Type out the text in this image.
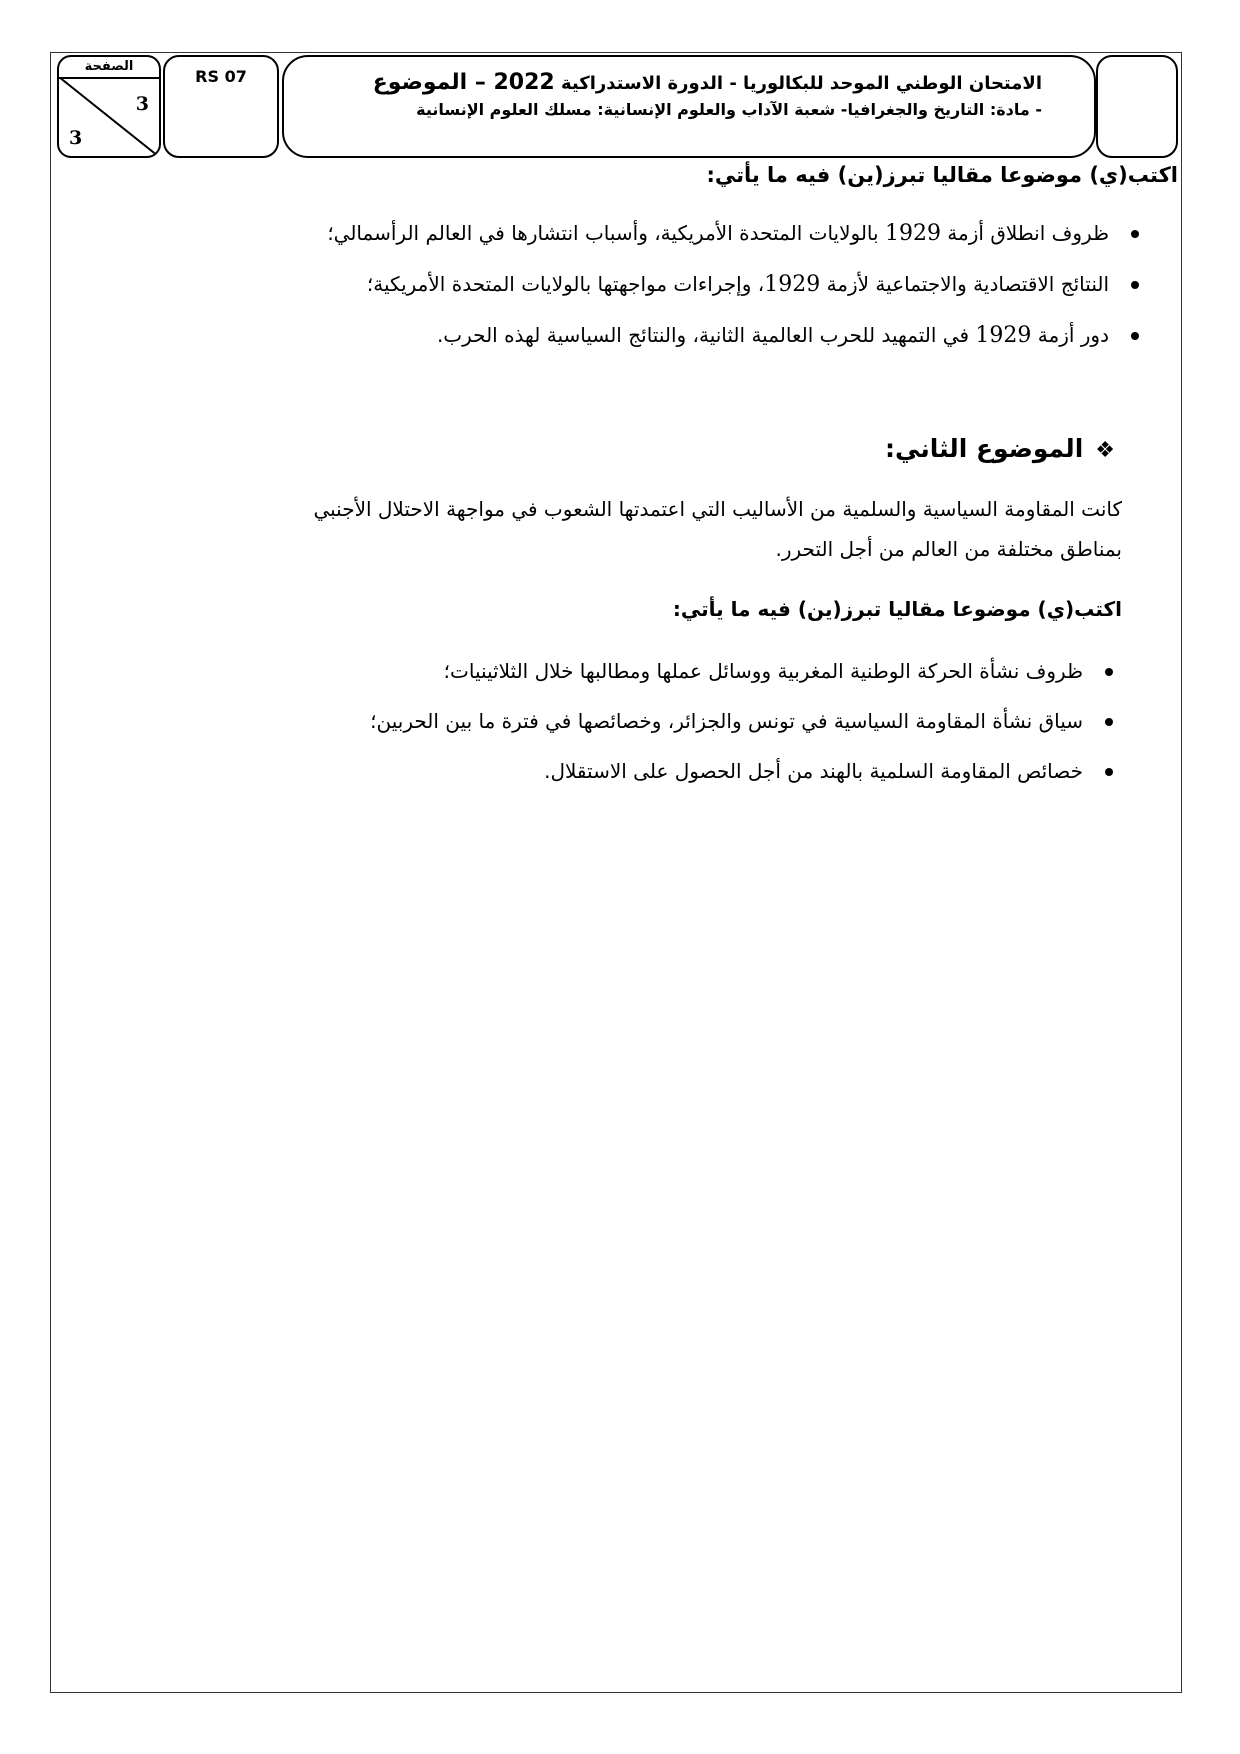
الصفحة
3
3
RS 07	الامتحان الوطني الموحد للبكالوريا - الدورة الاستدراكية 2022 – الموضوع
- مادة: التاريخ والجغرافيا- شعبة الآداب والعلوم الإنسانية: مسلك العلوم الإنسانية
اكتب(ي) موضوعا مقاليا تبرز(ين) فيه ما يأتي:
ظروف انطلاق أزمة 1929 بالولايات المتحدة الأمريكية، وأسباب انتشارها في العالم الرأسمالي؛
النتائج الاقتصادية والاجتماعية لأزمة 1929، وإجراءات مواجهتها بالولايات المتحدة الأمريكية؛
دور أزمة 1929 في التمهيد للحرب العالمية الثانية، والنتائج السياسية لهذه الحرب.
❖الموضوع الثاني:
كانت المقاومة السياسية والسلمية من الأساليب التي اعتمدتها الشعوب في مواجهة الاحتلال الأجنبي
بمناطق مختلفة من العالم من أجل التحرر.
اكتب(ي) موضوعا مقاليا تبرز(ين) فيه ما يأتي:
ظروف نشأة الحركة الوطنية المغربية ووسائل عملها ومطالبها خلال الثلاثينيات؛
سياق نشأة المقاومة السياسية في تونس والجزائر، وخصائصها في فترة ما بين الحربين؛
خصائص المقاومة السلمية بالهند من أجل الحصول على الاستقلال.
